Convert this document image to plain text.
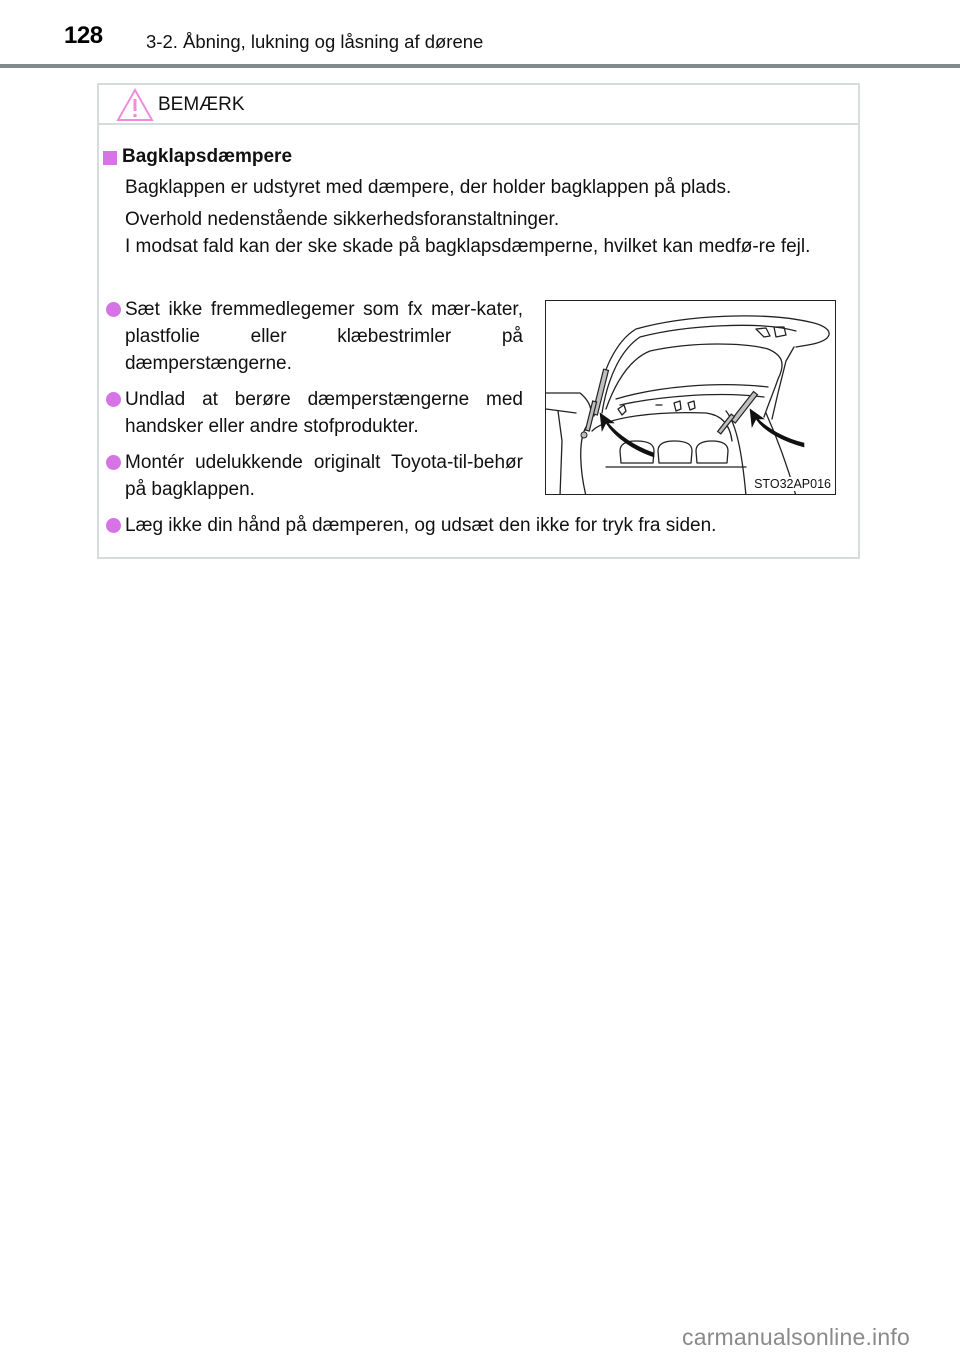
128 3-2. Åbning, lukning og låsning af dørene
BEMÆRK
Bagklapsdæmpere
Bagklappen er udstyret med dæmpere, der holder bagklappen på plads.
Overhold nedenstående sikkerhedsforanstaltninger.
I modsat fald kan der ske skade på bagklapsdæmperne, hvilket kan medfø-re fejl.
Sæt ikke fremmedlegemer som fx mær-kater, plastfolie eller klæbestrimler på dæmperstængerne.
Undlad at berøre dæmperstængerne med handsker eller andre stofprodukter.
Montér udelukkende originalt Toyota-til-behør på bagklappen.	STO32AP016
Læg ikke din hånd på dæmperen, og udsæt den ikke for tryk fra siden.
carmanualsonline.info
